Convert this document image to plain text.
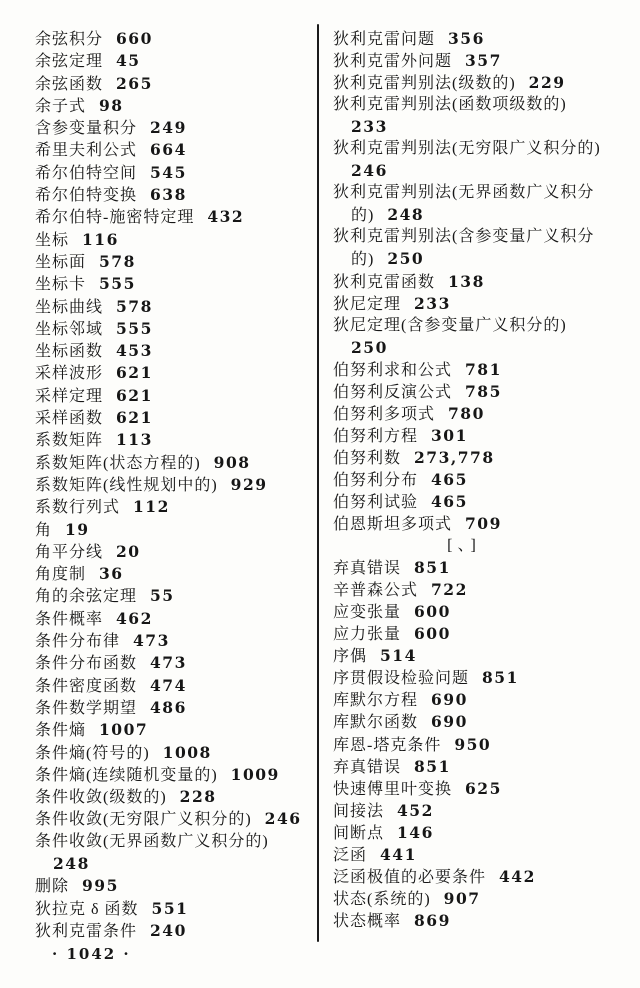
余弦积分 660
余弦定理 45
余弦函数 265
余子式 98
含参变量积分 249
希里夫利公式 664
希尔伯特空间 545
希尔伯特变换 638
希尔伯特-施密特定理 432
坐标 116
坐标面 578
坐标卡 555
坐标曲线 578
坐标邻域 555
坐标函数 453
采样波形 621
采样定理 621
采样函数 621
系数矩阵 113
系数矩阵(状态方程的) 908
系数矩阵(线性规划中的) 929
系数行列式 112
角 19
角平分线 20
角度制 36
角的余弦定理 55
条件概率 462
条件分布律 473
条件分布函数 473
条件密度函数 474
条件数学期望 486
条件熵 1007
条件熵(符号的) 1008
条件熵(连续随机变量的) 1009
条件收敛(级数的) 228
条件收敛(无穷限广义积分的) 246
条件收敛(无界函数广义积分的)
248
删除 995
狄拉克 δ 函数 551
狄利克雷条件 240
狄利克雷问题 356
狄利克雷外问题 357
狄利克雷判别法(级数的) 229
狄利克雷判别法(函数项级数的)
233
狄利克雷判别法(无穷限广义积分的)
246
狄利克雷判别法(无界函数广义积分
的) 248
狄利克雷判别法(含参变量广义积分
的) 250
狄利克雷函数 138
狄尼定理 233
狄尼定理(含参变量广义积分的)
250
伯努利求和公式 781
伯努利反演公式 785
伯努利多项式 780
伯努利方程 301
伯努利数 273,778
伯努利分布 465
伯努利试验 465
伯恩斯坦多项式 709
[、]
弃真错误 851
辛普森公式 722
应变张量 600
应力张量 600
序偶 514
序贯假设检验问题 851
库默尔方程 690
库默尔函数 690
库恩-塔克条件 950
弃真错误 851
快速傅里叶变换 625
间接法 452
间断点 146
泛函 441
泛函极值的必要条件 442
状态(系统的) 907
状态概率 869
· 1042 ·
